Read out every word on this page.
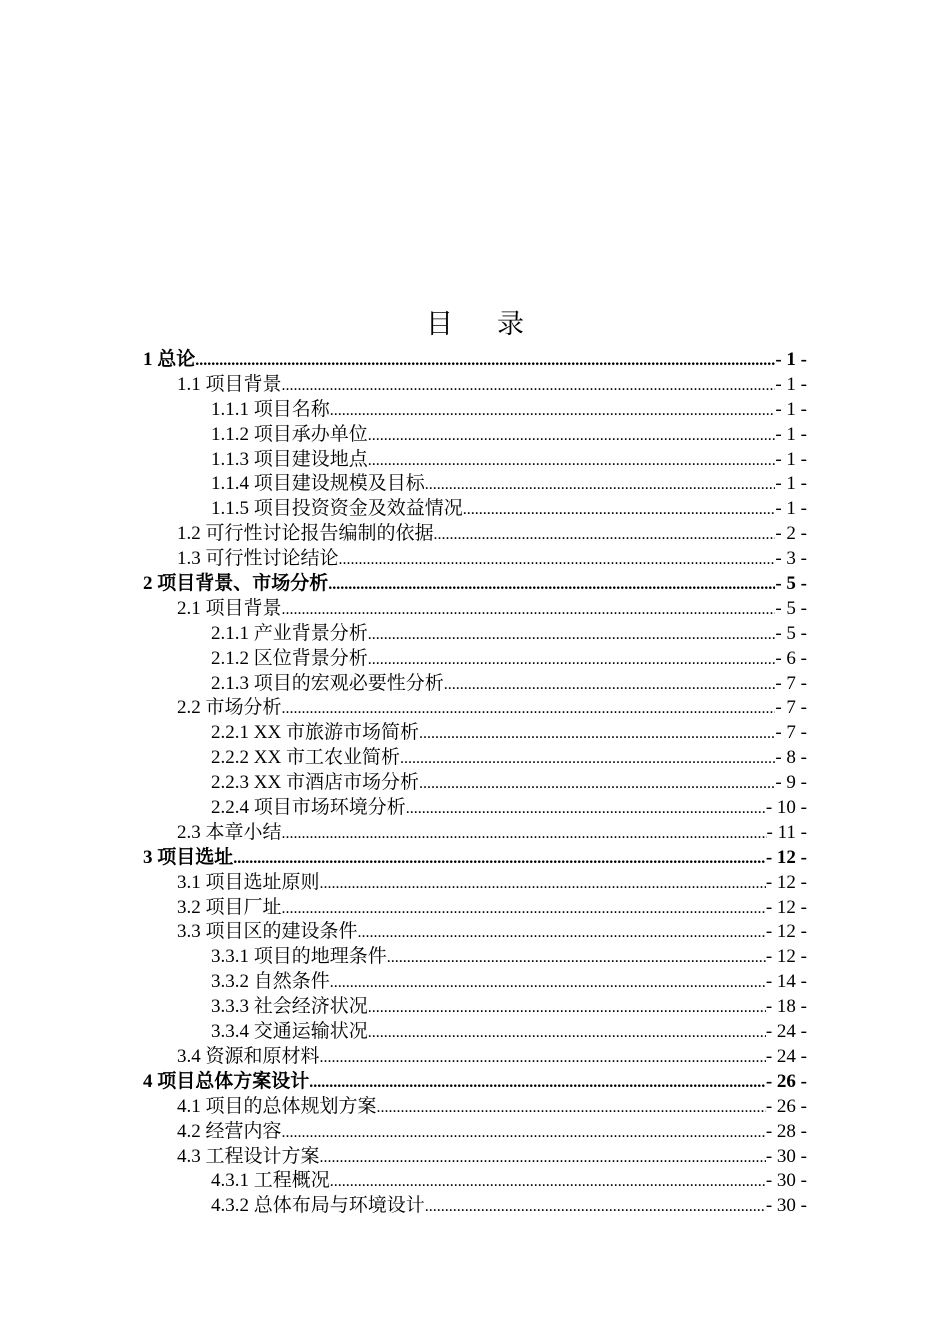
目录
1 总论 .....	- 1 -
1.1 项目背景 .....	- 1 -
1.1.1 项目名称 .....	- 1 -
1.1.2 项目承办单位 .....	- 1 -
1.1.3 项目建设地点 .....	- 1 -
1.1.4 项目建设规模及目标 .....	- 1 -
1.1.5 项目投资资金及效益情况 .....	- 1 -
1.2 可行性讨论报告编制的依据 .....	- 2 -
1.3 可行性讨论结论 .....	- 3 -
2 项目背景、市场分析 .....	- 5 -
2.1 项目背景 .....	- 5 -
2.1.1 产业背景分析 .....	- 5 -
2.1.2 区位背景分析 .....	- 6 -
2.1.3 项目的宏观必要性分析 .....	- 7 -
2.2 市场分析 .....	- 7 -
2.2.1 XX 市旅游市场简析 .....	- 7 -
2.2.2 XX 市工农业简析 .....	- 8 -
2.2.3 XX 市酒店市场分析 .....	- 9 -
2.2.4 项目市场环境分析 .....	- 10 -
2.3 本章小结 .....	- 11 -
3 项目选址 .....	- 12 -
3.1 项目选址原则 .....	- 12 -
3.2 项目厂址 .....	- 12 -
3.3 项目区的建设条件 .....	- 12 -
3.3.1 项目的地理条件 .....	- 12 -
3.3.2 自然条件 .....	- 14 -
3.3.3 社会经济状况 .....	- 18 -
3.3.4 交通运输状况 .....	- 24 -
3.4 资源和原材料 .....	- 24 -
4 项目总体方案设计 .....	- 26 -
4.1 项目的总体规划方案 .....	- 26 -
4.2 经营内容 .....	- 28 -
4.3 工程设计方案 .....	- 30 -
4.3.1 工程概况 .....	- 30 -
4.3.2 总体布局与环境设计 .....	- 30 -
